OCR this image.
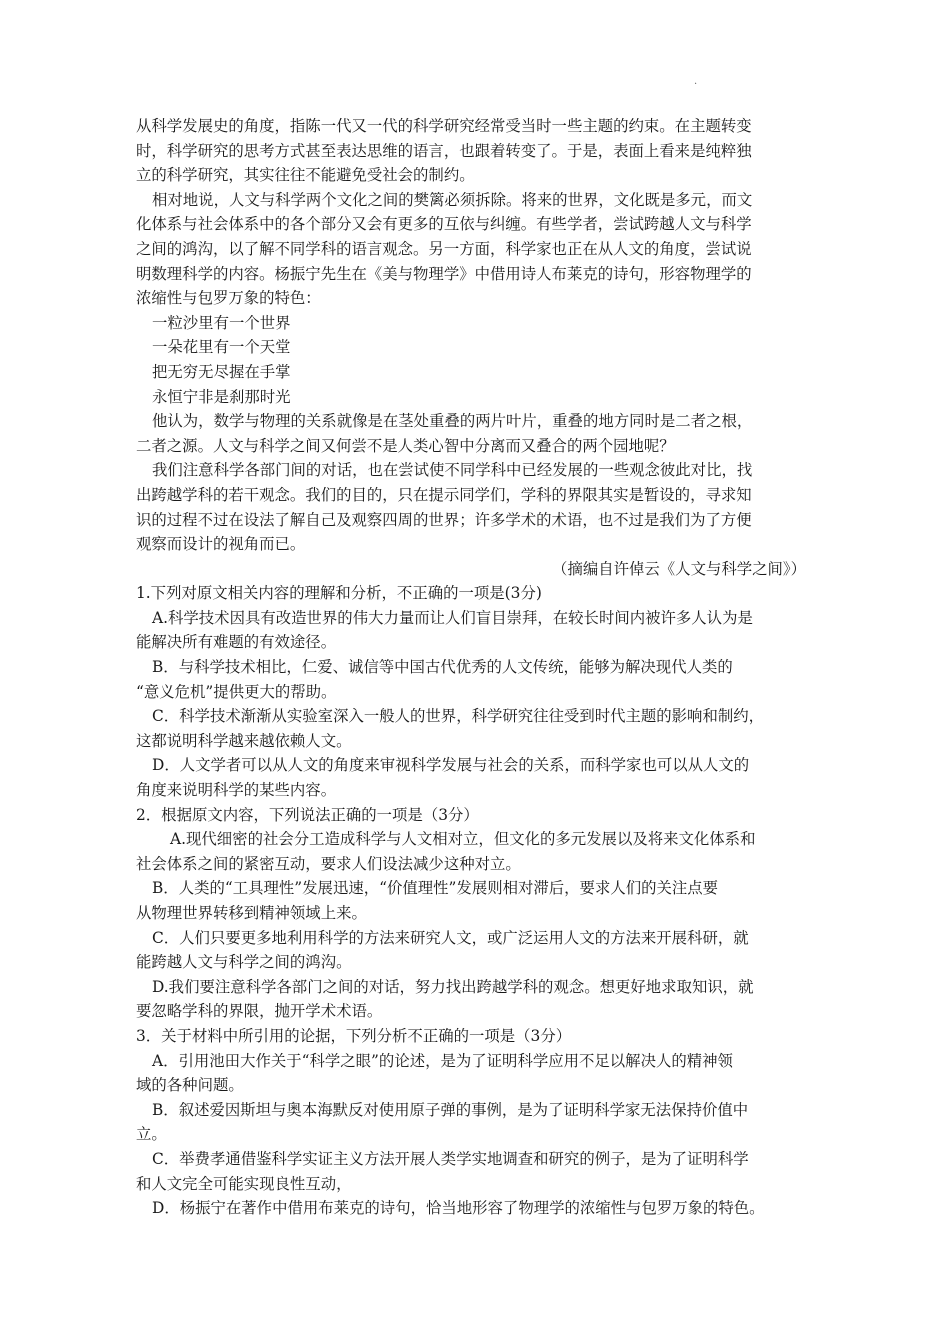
.

从科学发展史的角度，指陈一代又一代的科学研究经常受当时一些主题的约束。在主题转变

时，科学研究的思考方式甚至表达思维的语言，也跟着转变了。于是，表面上看来是纯粹独

立的科学研究，其实往往不能避免受社会的制约。

相对地说，人文与科学两个文化之间的樊篱必须拆除。将来的世界，文化既是多元，而文

化体系与社会体系中的各个部分又会有更多的互依与纠缠。有些学者，尝试跨越人文与科学

之间的鸿沟，以了解不同学科的语言观念。另一方面，科学家也正在从人文的角度，尝试说

明数理科学的内容。杨振宁先生在《美与物理学》中借用诗人布莱克的诗句，形容物理学的

浓缩性与包罗万象的特色：

一粒沙里有一个世界

一朵花里有一个天堂

把无穷无尽握在手掌

永恒宁非是刹那时光

他认为，数学与物理的关系就像是在茎处重叠的两片叶片，重叠的地方同时是二者之根，

二者之源。人文与科学之间又何尝不是人类心智中分离而又叠合的两个园地呢？

我们注意科学各部门间的对话，也在尝试使不同学科中已经发展的一些观念彼此对比，找

出跨越学科的若干观念。我们的目的，只在提示同学们，学科的界限其实是暂设的，寻求知

识的过程不过在设法了解自己及观察四周的世界；许多学术的术语，也不过是我们为了方便

观察而设计的视角而已。

（摘编自许倬云《人文与科学之间》）

1.下列对原文相关内容的理解和分析，不正确的一项是(3分)

A.科学技术因具有改造世界的伟大力量而让人们盲目崇拜，在较长时间内被许多人认为是

能解决所有难题的有效途径。

B．与科学技术相比，仁爱、诚信等中国古代优秀的人文传统，能够为解决现代人类的

“意义危机”提供更大的帮助。

C．科学技术渐渐从实验室深入一般人的世界，科学研究往往受到时代主题的影响和制约，

这都说明科学越来越依赖人文。

D．人文学者可以从人文的角度来审视科学发展与社会的关系，而科学家也可以从人文的

角度来说明科学的某些内容。

2．根据原文内容，下列说法正确的一项是（3分）

A.现代细密的社会分工造成科学与人文相对立，但文化的多元发展以及将来文化体系和

社会体系之间的紧密互动，要求人们设法减少这种对立。

B．人类的“工具理性”发展迅速，“价值理性”发展则相对滞后，要求人们的关注点要

从物理世界转移到精神领域上来。

C．人们只要更多地利用科学的方法来研究人文，或广泛运用人文的方法来开展科研，就

能跨越人文与科学之间的鸿沟。

D.我们要注意科学各部门之间的对话，努力找出跨越学科的观念。想更好地求取知识，就

要忽略学科的界限，抛开学术术语。

3．关于材料中所引用的论据，下列分析不正确的一项是（3分）

A．引用池田大作关于“科学之眼”的论述，是为了证明科学应用不足以解决人的精神领

域的各种问题。

B．叙述爱因斯坦与奥本海默反对使用原子弹的事例，是为了证明科学家无法保持价值中

立。

C．举费孝通借鉴科学实证主义方法开展人类学实地调查和研究的例子，是为了证明科学

和人文完全可能实现良性互动，

D．杨振宁在著作中借用布莱克的诗句，恰当地形容了物理学的浓缩性与包罗万象的特色。
